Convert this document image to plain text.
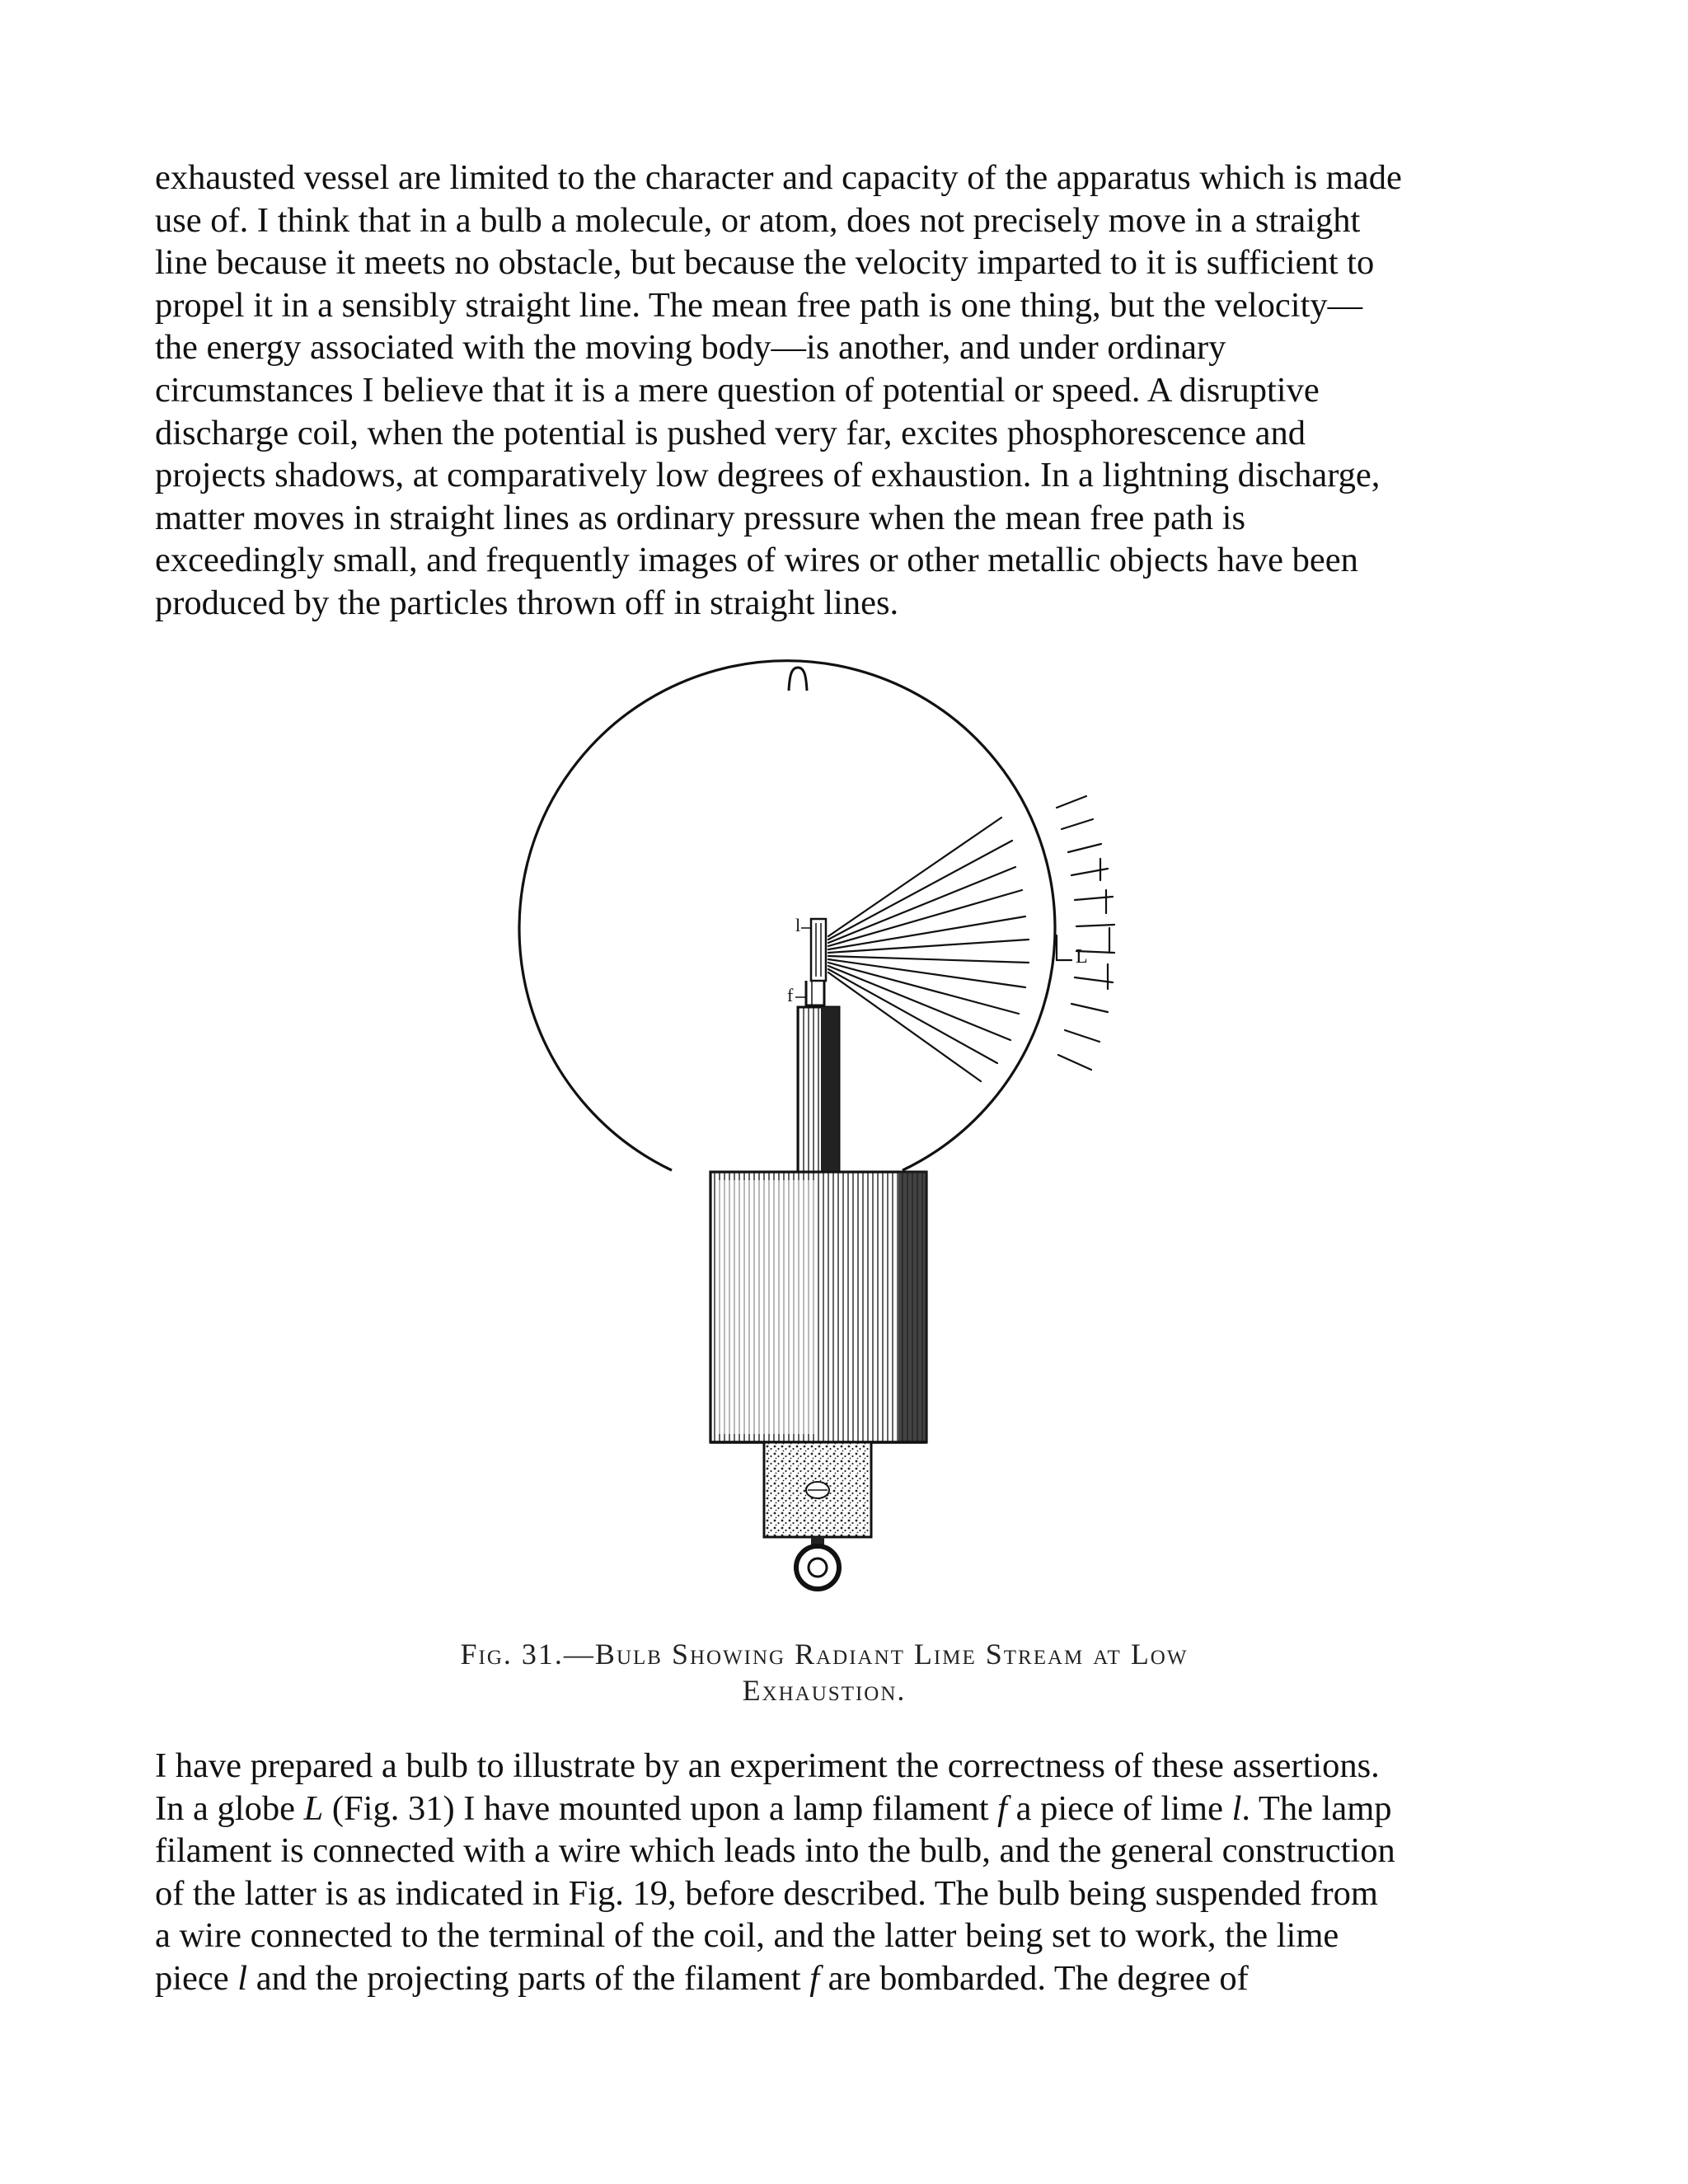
exhausted vessel are limited to the character and capacity of the apparatus which is made
use of. I think that in a bulb a molecule, or atom, does not precisely move in a straight
line because it meets no obstacle, but because the velocity imparted to it is sufficient to
propel it in a sensibly straight line. The mean free path is one thing, but the velocity—
the energy associated with the moving body—is another, and under ordinary
circumstances I believe that it is a mere question of potential or speed. A disruptive
discharge coil, when the potential is pushed very far, excites phosphorescence and
projects shadows, at comparatively low degrees of exhaustion. In a lightning discharge,
matter moves in straight lines as ordinary pressure when the mean free path is
exceedingly small, and frequently images of wires or other metallic objects have been
produced by the particles thrown off in straight lines.
l
f
L
Fig. 31.—Bulb Showing Radiant Lime Stream at Low
Exhaustion.
I have prepared a bulb to illustrate by an experiment the correctness of these assertions.
In a globe L (Fig. 31) I have mounted upon a lamp filament f a piece of lime l. The lamp
filament is connected with a wire which leads into the bulb, and the general construction
of the latter is as indicated in Fig. 19, before described. The bulb being suspended from
a wire connected to the terminal of the coil, and the latter being set to work, the lime
piece l and the projecting parts of the filament f are bombarded. The degree of
